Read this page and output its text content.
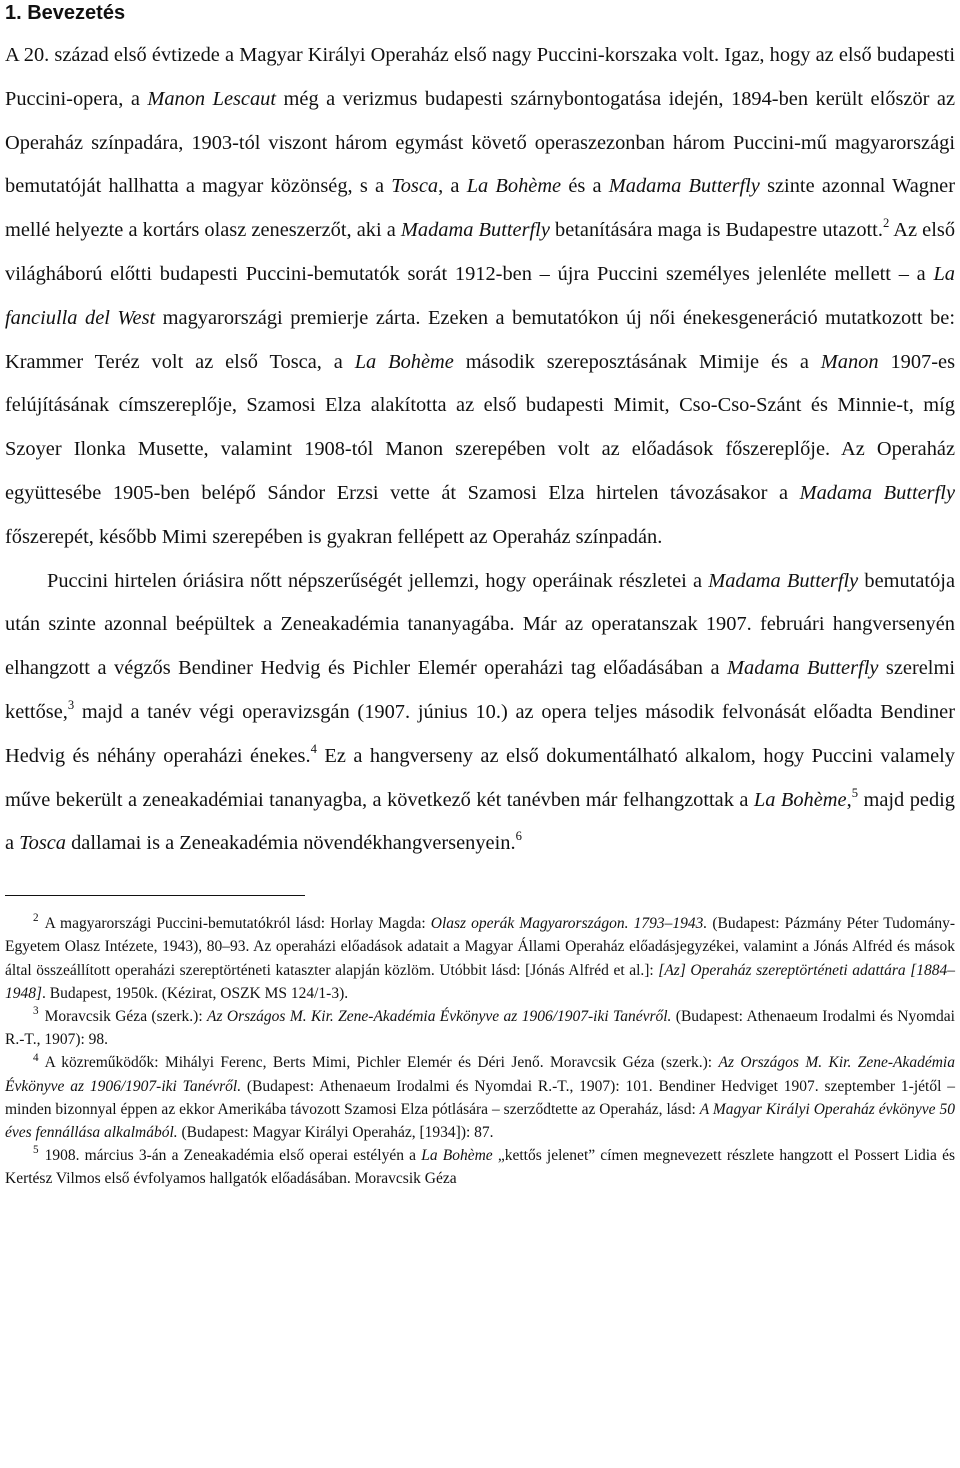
1. Bevezetés

A 20. század első évtizede a Magyar Királyi Operaház első nagy Puccini-korszaka volt. Igaz, hogy az első budapesti Puccini-opera, a Manon Lescaut még a verizmus budapesti szárnybontogatása idején, 1894-ben került először az Operaház színpadára, 1903-tól viszont három egymást követő operaszezonban három Puccini-mű magyarországi bemutatóját hallhatta a magyar közönség, s a Tosca, a La Bohème és a Madama Butterfly szinte azonnal Wagner mellé helyezte a kortárs olasz zeneszerzőt, aki a Madama Butterfly betanítására maga is Budapestre utazott.$^2$ Az első világháború előtti budapesti Puccini-bemutatók sorát 1912-ben – újra Puccini személyes jelenléte mellett – a La fanciulla del West magyarországi premierje zárta. Ezeken a bemutatókon új női énekesgeneráció mutatkozott be: Krammer Teréz volt az első Tosca, a La Bohème második szereposztásának Mimije és a Manon 1907-es felújításának címszereplője, Szamosi Elza alakította az első budapesti Mimit, Cso-Cso-Szánt és Minnie-t, míg Szoyer Ilonka Musette, valamint 1908-tól Manon szerepében volt az előadások főszereplője. Az Operaház együttesébe 1905-ben belépő Sándor Erzsi vette át Szamosi Elza hirtelen távozásakor a Madama Butterfly főszerepét, később Mimi szerepében is gyakran fellépett az Operaház színpadán.

Puccini hirtelen óriásira nőtt népszerűségét jellemzi, hogy operáinak részletei a Madama Butterfly bemutatója után szinte azonnal beépültek a Zeneakadémia tananyagába. Már az operatanszak 1907. februári hangversenyén elhangzott a végzős Bendiner Hedvig és Pichler Elemér operaházi tag előadásában a Madama Butterfly szerelmi kettőse,$^3$ majd a tanév végi operavizsgán (1907. június 10.) az opera teljes második felvonását előadta Bendiner Hedvig és néhány operaházi énekes.$^4$ Ez a hangverseny az első dokumentálható alkalom, hogy Puccini valamely műve bekerült a zeneakadémiai tananyagba, a következő két tanévben már felhangzottak a La Bohème,$^5$ majd pedig a Tosca dallamai is a Zeneakadémia növendékhangversenyein.$^6$

$^2$ A magyarországi Puccini-bemutatókról lásd: Horlay Magda: Olasz operák Magyarországon. 1793–1943. (Budapest: Pázmány Péter Tudomány-Egyetem Olasz Intézete, 1943), 80–93. Az operaházi előadások adatait a Magyar Állami Operaház előadásjegyzékei, valamint a Jónás Alfréd és mások által összeállított operaházi szereptörténeti kataszter alapján közlöm. Utóbbit lásd: [Jónás Alfréd et al.]: [Az] Operaház szereptörténeti adattára [1884–1948]. Budapest, 1950k. (Kézirat, OSZK MS 124/1-3).

$^3$ Moravcsik Géza (szerk.): Az Országos M. Kir. Zene-Akadémia Évkönyve az 1906/1907-iki Tanévről. (Budapest: Athenaeum Irodalmi és Nyomdai R.-T., 1907): 98.

$^4$ A közreműködők: Mihályi Ferenc, Berts Mimi, Pichler Elemér és Déri Jenő. Moravcsik Géza (szerk.): Az Országos M. Kir. Zene-Akadémia Évkönyve az 1906/1907-iki Tanévről. (Budapest: Athenaeum Irodalmi és Nyomdai R.-T., 1907): 101. Bendiner Hedviget 1907. szeptember 1-jétől – minden bizonnyal éppen az ekkor Amerikába távozott Szamosi Elza pótlására – szerződtette az Operaház, lásd: A Magyar Királyi Operaház évkönyve 50 éves fennállása alkalmából. (Budapest: Magyar Királyi Operaház, [1934]): 87.

$^5$ 1908. március 3-án a Zeneakadémia első operai estélyén a La Bohème „kettős jelenet” címen megnevezett részlete hangzott el Possert Lidia és Kertész Vilmos első évfolyamos hallgatók előadásában. Moravcsik Géza
